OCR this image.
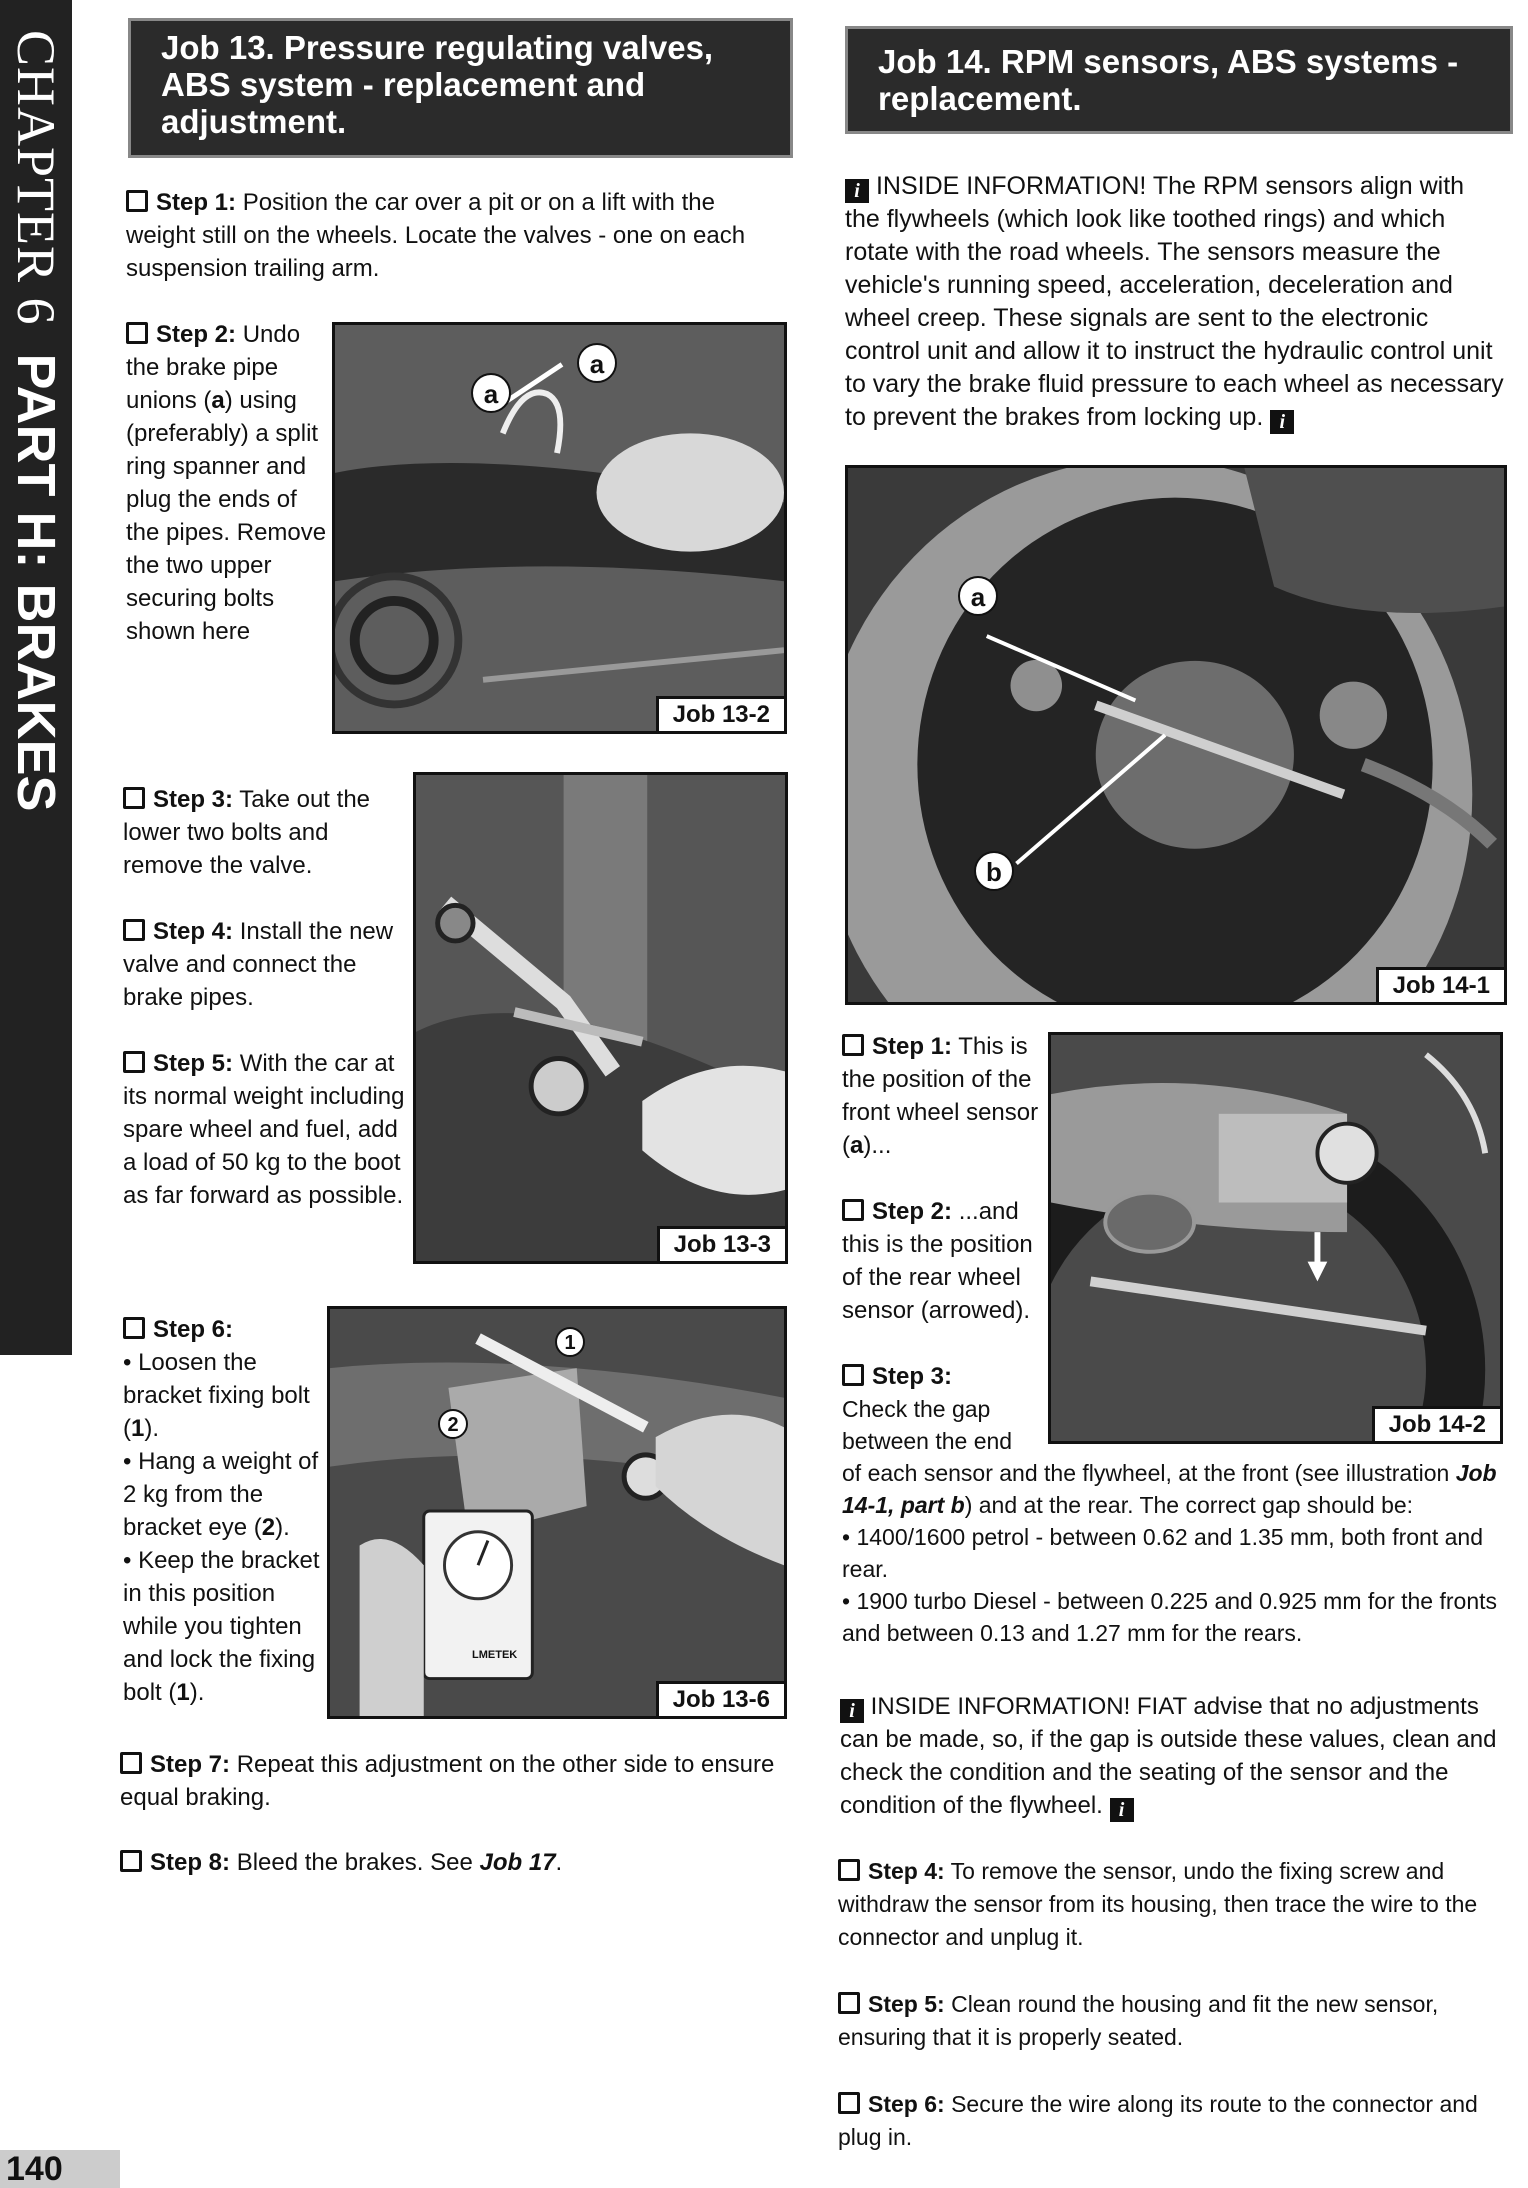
CHAPTER 6PART H: BRAKES
140
Job 13. Pressure regulating valves, ABS system - replacement and adjustment.
Step 1: Position the car over a pit or on a lift with the weight still on the wheels. Locate the valves - one on each suspension trailing arm.
Step 2: Undo the brake pipe unions (a) using (preferably) a split ring spanner and plug the ends of the pipes. Remove the two upper securing bolts shown here
a
a
Job 13-2
Step 3: Take out the lower two bolts and remove the valve.
Step 4: Install the new valve and connect the brake pipes.
Step 5: With the car at its normal weight including spare wheel and fuel, add a load of 50 kg to the boot as far forward as possible.
Job 13-3
Step 6:
• Loosen the bracket fixing bolt (1).
• Hang a weight of 2 kg from the bracket eye (2).
• Keep the bracket in this position while you tighten and lock the fixing bolt (1).
1
2
LMETEK
Job 13-6
Step 7: Repeat this adjustment on the other side to ensure equal braking.
Step 8: Bleed the brakes. See Job 17.
Job 14. RPM sensors, ABS systems - replacement.
i INSIDE INFORMATION! The RPM sensors align with the flywheels (which look like toothed rings) and which rotate with the road wheels. The sensors measure the vehicle's running speed, acceleration, deceleration and wheel creep. These signals are sent to the electronic control unit and allow it to instruct the hydraulic control unit to vary the brake fluid pressure to each wheel as necessary to prevent the brakes from locking up. i
a
b
Job 14-1
Step 1: This is the position of the front wheel sensor (a)...
Job 14-2
Step 2: ...and this is the position of the rear wheel sensor (arrowed).
Step 3:
Check the gap between the end
of each sensor and the flywheel, at the front (see illustration Job 14-1, part b) and at the rear. The correct gap should be:
• 1400/1600 petrol - between 0.62 and 1.35 mm, both front and rear.
• 1900 turbo Diesel - between 0.225 and 0.925 mm for the fronts and between 0.13 and 1.27 mm for the rears.
i INSIDE INFORMATION! FIAT advise that no adjustments can be made, so, if the gap is outside these values, clean and check the condition and the seating of the sensor and the condition of the flywheel. i
Step 4: To remove the sensor, undo the fixing screw and withdraw the sensor from its housing, then trace the wire to the connector and unplug it.
Step 5: Clean round the housing and fit the new sensor, ensuring that it is properly seated.
Step 6: Secure the wire along its route to the connector and plug in.
